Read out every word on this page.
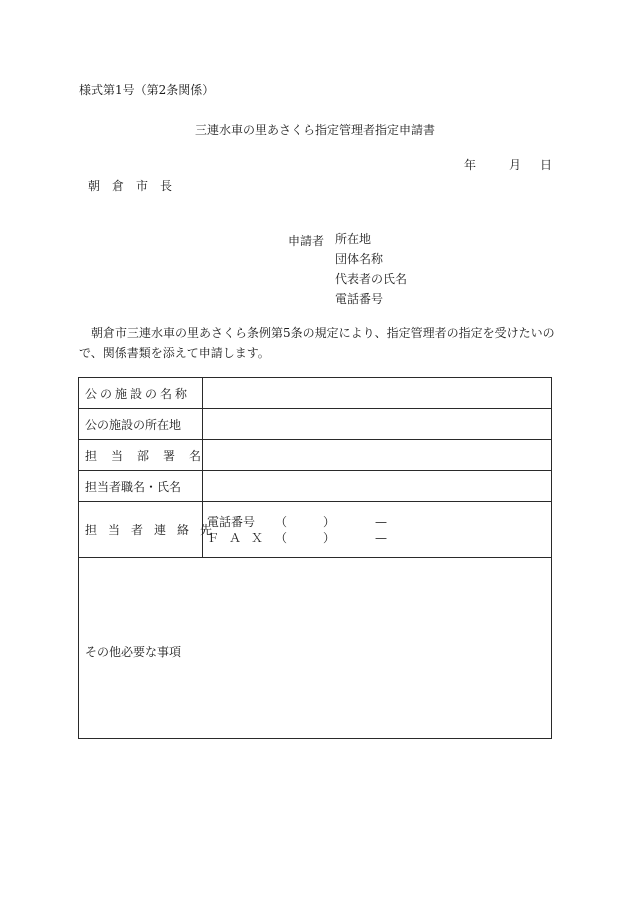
様式第1号（第2条関係）
三連水車の里あさくら指定管理者指定申請書
年	月 日
朝倉市長
申請者 所在地
団体名称
代表者の氏名
電話番号
朝倉市三連水車の里あさくら条例第5条の規定により、指定管理者の指定を受けたいので、関係書類を添えて申請します。
公の施設の名称	
公の施設の所在地	
担当部署名	
担当者職名・氏名	
担当者連絡先	電話番号 （ ） —
ＦＡＸ （ ） —

その他必要な事項	
